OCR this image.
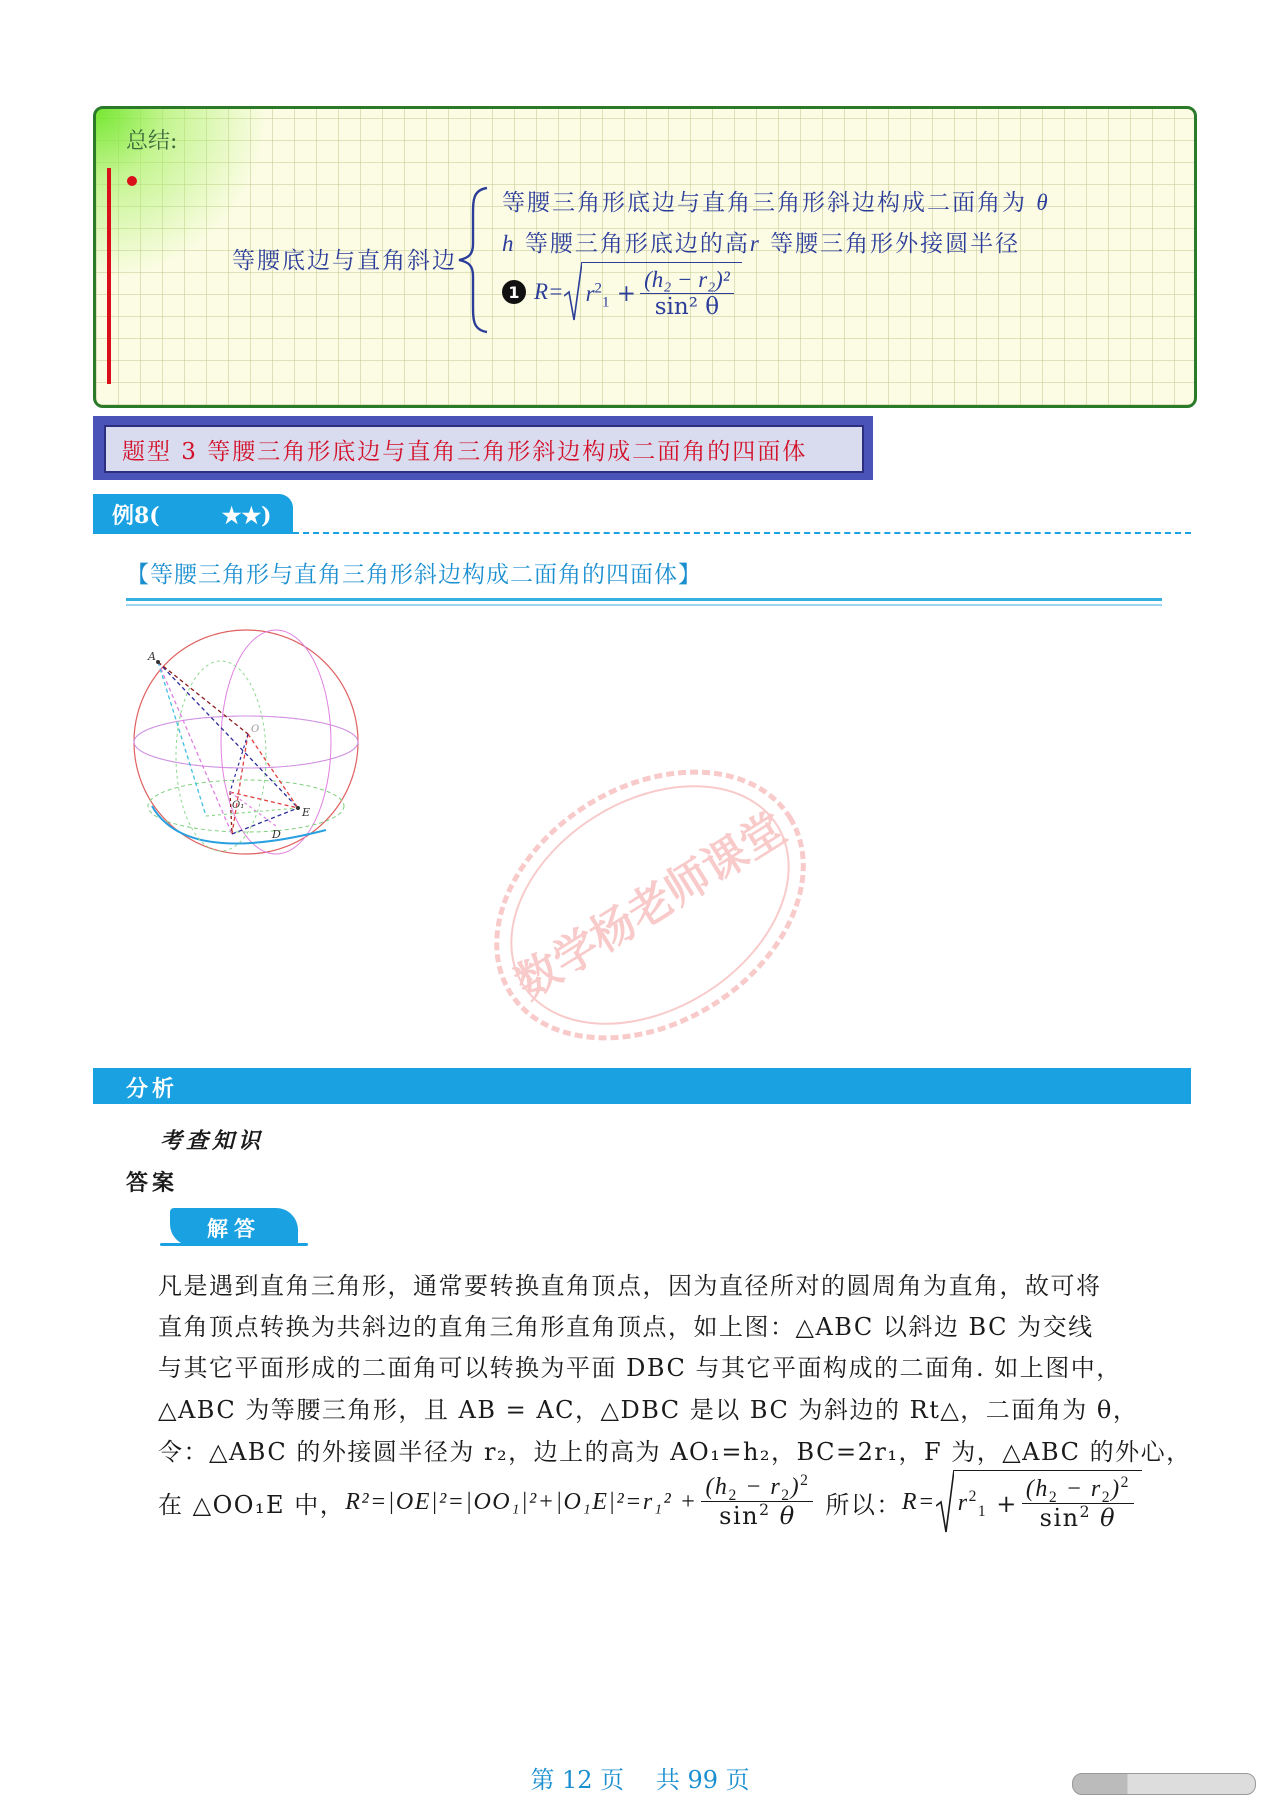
总结:
等腰底边与直角斜边
等腰三角形底边与直角三角形斜边构成二面角为 θ
h 等腰三角形底边的高r 等腰三角形外接圆半径
1 $R= r^2_1 + \frac{\text{(h₂ − r₂)²}}{\text{sin² θ}}$
题型 3 等腰三角形底边与直角三角形斜边构成二面角的四面体
例8(	★★)
【等腰三角形与直角三角形斜边构成二面角的四面体】
A
O
O₁
E
D	数学杨老师课堂
分析
考查知识
答案
解答
凡是遇到直角三角形，通常要转换直角顶点，因为直径所对的圆周角为直角，故可将
直角顶点转换为共斜边的直角三角形直角顶点，如上图：△ABC 以斜边 BC 为交线
与其它平面形成的二面角可以转换为平面 DBC 与其它平面构成的二面角. 如上图中，
△ABC 为等腰三角形，且 AB = AC，△DBC 是以 BC 为斜边的 Rt△，二面角为 θ，
令：△ABC 的外接圆半径为 r₂，边上的高为 AO₁=h₂，BC=2r₁，F 为，△ABC 的外心，
在 △OO₁E 中， $R^2=|OE|^2=|OO_1|^2+|O_1E|^2=r_1^2 + \frac{(h_2 - r_2)^2}{\sin^2 \theta}$ 所以： $R= r^2_1 + \frac{(h_2 - r_2)^2}{\sin^2 \theta}$
第 12 页 共 99 页
